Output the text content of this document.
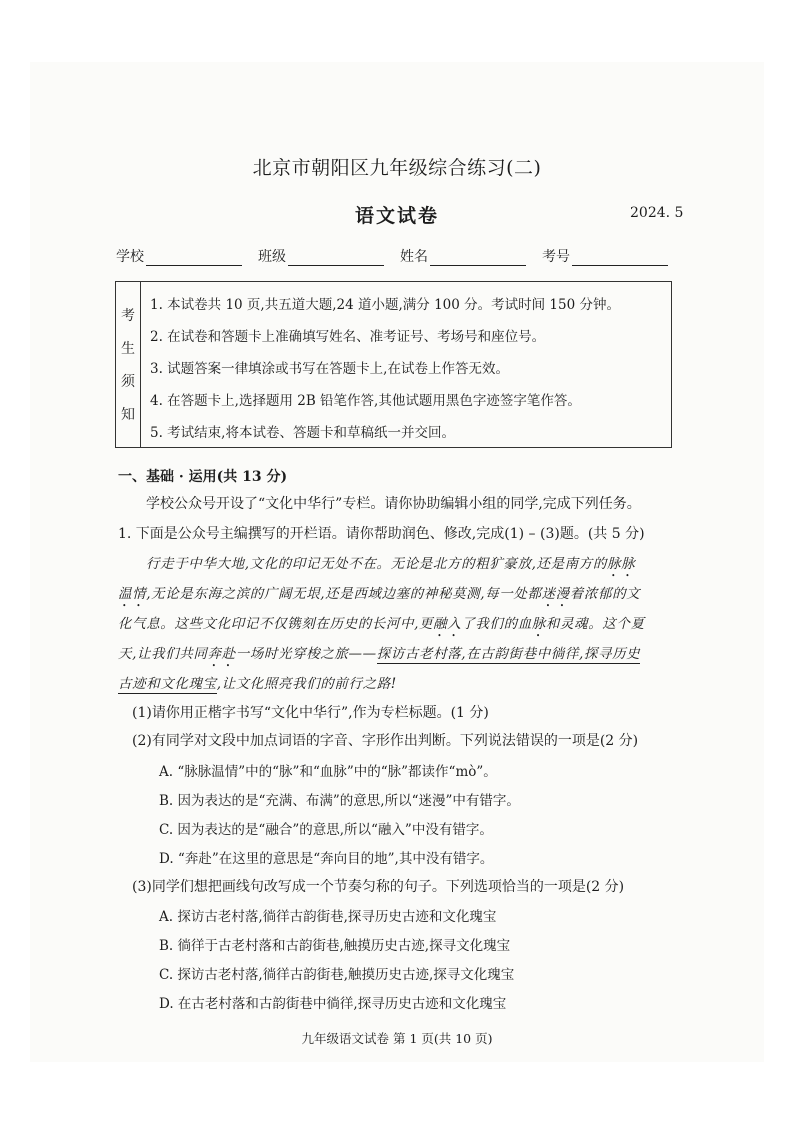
北京市朝阳区九年级综合练习(二)
语文试卷	2024. 5
学校	班级	姓名	考号
考
生
须
知
1. 本试卷共 10 页,共五道大题,24 道小题,满分 100 分。考试时间 150 分钟。
2. 在试卷和答题卡上准确填写姓名、准考证号、考场号和座位号。
3. 试题答案一律填涂或书写在答题卡上,在试卷上作答无效。
4. 在答题卡上,选择题用 2B 铅笔作答,其他试题用黑色字迹签字笔作答。
5. 考试结束,将本试卷、答题卡和草稿纸一并交回。
一、基础 · 运用(共 13 分)
学校公众号开设了“文化中华行”专栏。请你协助编辑小组的同学,完成下列任务。
1. 下面是公众号主编撰写的开栏语。请你帮助润色、修改,完成(1) – (3)题。(共 5 分)
行走于中华大地,文化的印记无处不在。无论是北方的粗犷豪放,还是南方的脉脉
温情,无论是东海之滨的广阔无垠,还是西域边塞的神秘莫测,每一处都迷漫着浓郁的文
化气息。这些文化印记不仅镌刻在历史的长河中,更融入了我们的血脉和灵魂。这个夏
天,让我们共同奔赴一场时光穿梭之旅——探访古老村落,在古韵街巷中徜徉,探寻历史
古迹和文化瑰宝,让文化照亮我们的前行之路!
(1)请你用正楷字书写“文化中华行”,作为专栏标题。(1 分)
(2)有同学对文段中加点词语的字音、字形作出判断。下列说法错误的一项是(2 分)
A. “脉脉温情”中的“脉”和“血脉”中的“脉”都读作“mò”。
B. 因为表达的是“充满、布满”的意思,所以“迷漫”中有错字。
C. 因为表达的是“融合”的意思,所以“融入”中没有错字。
D. “奔赴”在这里的意思是“奔向目的地”,其中没有错字。
(3)同学们想把画线句改写成一个节奏匀称的句子。下列选项恰当的一项是(2 分)
A. 探访古老村落,徜徉古韵街巷,探寻历史古迹和文化瑰宝
B. 徜徉于古老村落和古韵街巷,触摸历史古迹,探寻文化瑰宝
C. 探访古老村落,徜徉古韵街巷,触摸历史古迹,探寻文化瑰宝
D. 在古老村落和古韵街巷中徜徉,探寻历史古迹和文化瑰宝
九年级语文试卷 第 1 页(共 10 页)
